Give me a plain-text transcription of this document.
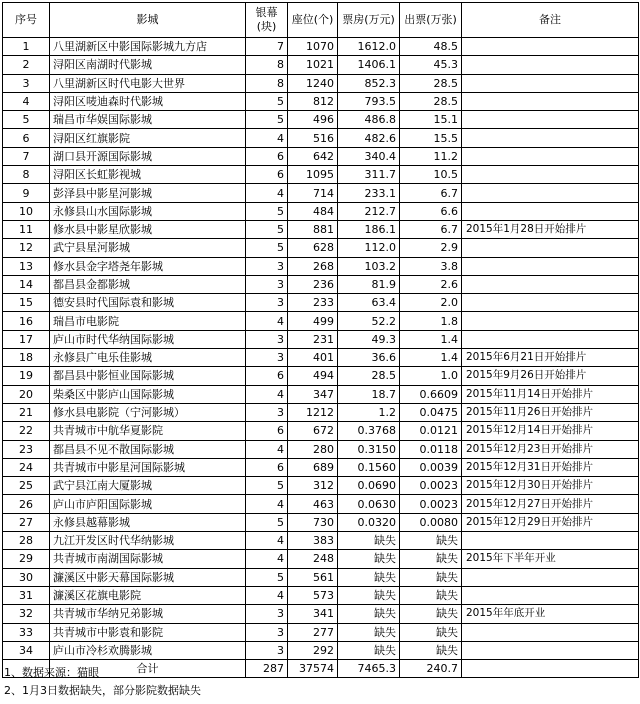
序号	影城	银幕(块)	座位(个)	票房(万元)	出票(万张)	备注
1	八里湖新区中影国际影城九方店	7	1070	1612.0	48.5	
2	浔阳区南湖时代影城	8	1021	1406.1	45.3	
3	八里湖新区时代电影大世界	8	1240	852.3	28.5	
4	浔阳区唛迪森时代影城	5	812	793.5	28.5	
5	瑞昌市华娱国际影城	5	496	486.8	15.1	
6	浔阳区红旗影院	4	516	482.6	15.5	
7	湖口县开源国际影城	6	642	340.4	11.2	
8	浔阳区长虹影视城	6	1095	311.7	10.5	
9	彭泽县中影星河影城	4	714	233.1	6.7	
10	永修县山水国际影城	5	484	212.7	6.6	
11	修水县中影星欣影城	5	881	186.1	6.7	2015年1月28日开始排片
12	武宁县星河影城	5	628	112.0	2.9	
13	修水县金字塔尧年影城	3	268	103.2	3.8	
14	都昌县金都影城	3	236	81.9	2.6	
15	德安县时代国际袁和影城	3	233	63.4	2.0	
16	瑞昌市电影院	4	499	52.2	1.8	
17	庐山市时代华纳国际影城	3	231	49.3	1.4	
18	永修县广电乐佳影城	3	401	36.6	1.4	2015年6月21日开始排片
19	都昌县中影恒业国际影城	6	494	28.5	1.0	2015年9月26日开始排片
20	柴桑区中影庐山国际影城	4	347	18.7	0.6609	2015年11月14日开始排片
21	修水县电影院（宁河影城）	3	1212	1.2	0.0475	2015年11月26日开始排片
22	共青城市中航华夏影院	6	672	0.3768	0.0121	2015年12月14日开始排片
23	都昌县不见不散国际影城	4	280	0.3150	0.0118	2015年12月23日开始排片
24	共青城市中影星河国际影城	6	689	0.1560	0.0039	2015年12月31日开始排片
25	武宁县江南大厦影城	5	312	0.0690	0.0023	2015年12月30日开始排片
26	庐山市庐阳国际影城	4	463	0.0630	0.0023	2015年12月27日开始排片
27	永修县越幕影城	5	730	0.0320	0.0080	2015年12月29日开始排片
28	九江开发区时代华纳影城	4	383	缺失	缺失	
29	共青城市南湖国际影城	4	248	缺失	缺失	2015年下半年开业
30	濂溪区中影天幕国际影城	5	561	缺失	缺失	
31	濂溪区花旗电影院	4	573	缺失	缺失	
32	共青城市华纳兄弟影城	3	341	缺失	缺失	2015年年底开业
33	共青城市中影袁和影院	3	277	缺失	缺失	
34	庐山市冷杉欢腾影城	3	292	缺失	缺失	
	合计	287	37574	7465.3	240.7	
1、数据来源：猫眼
2、1月3日数据缺失，部分影院数据缺失
